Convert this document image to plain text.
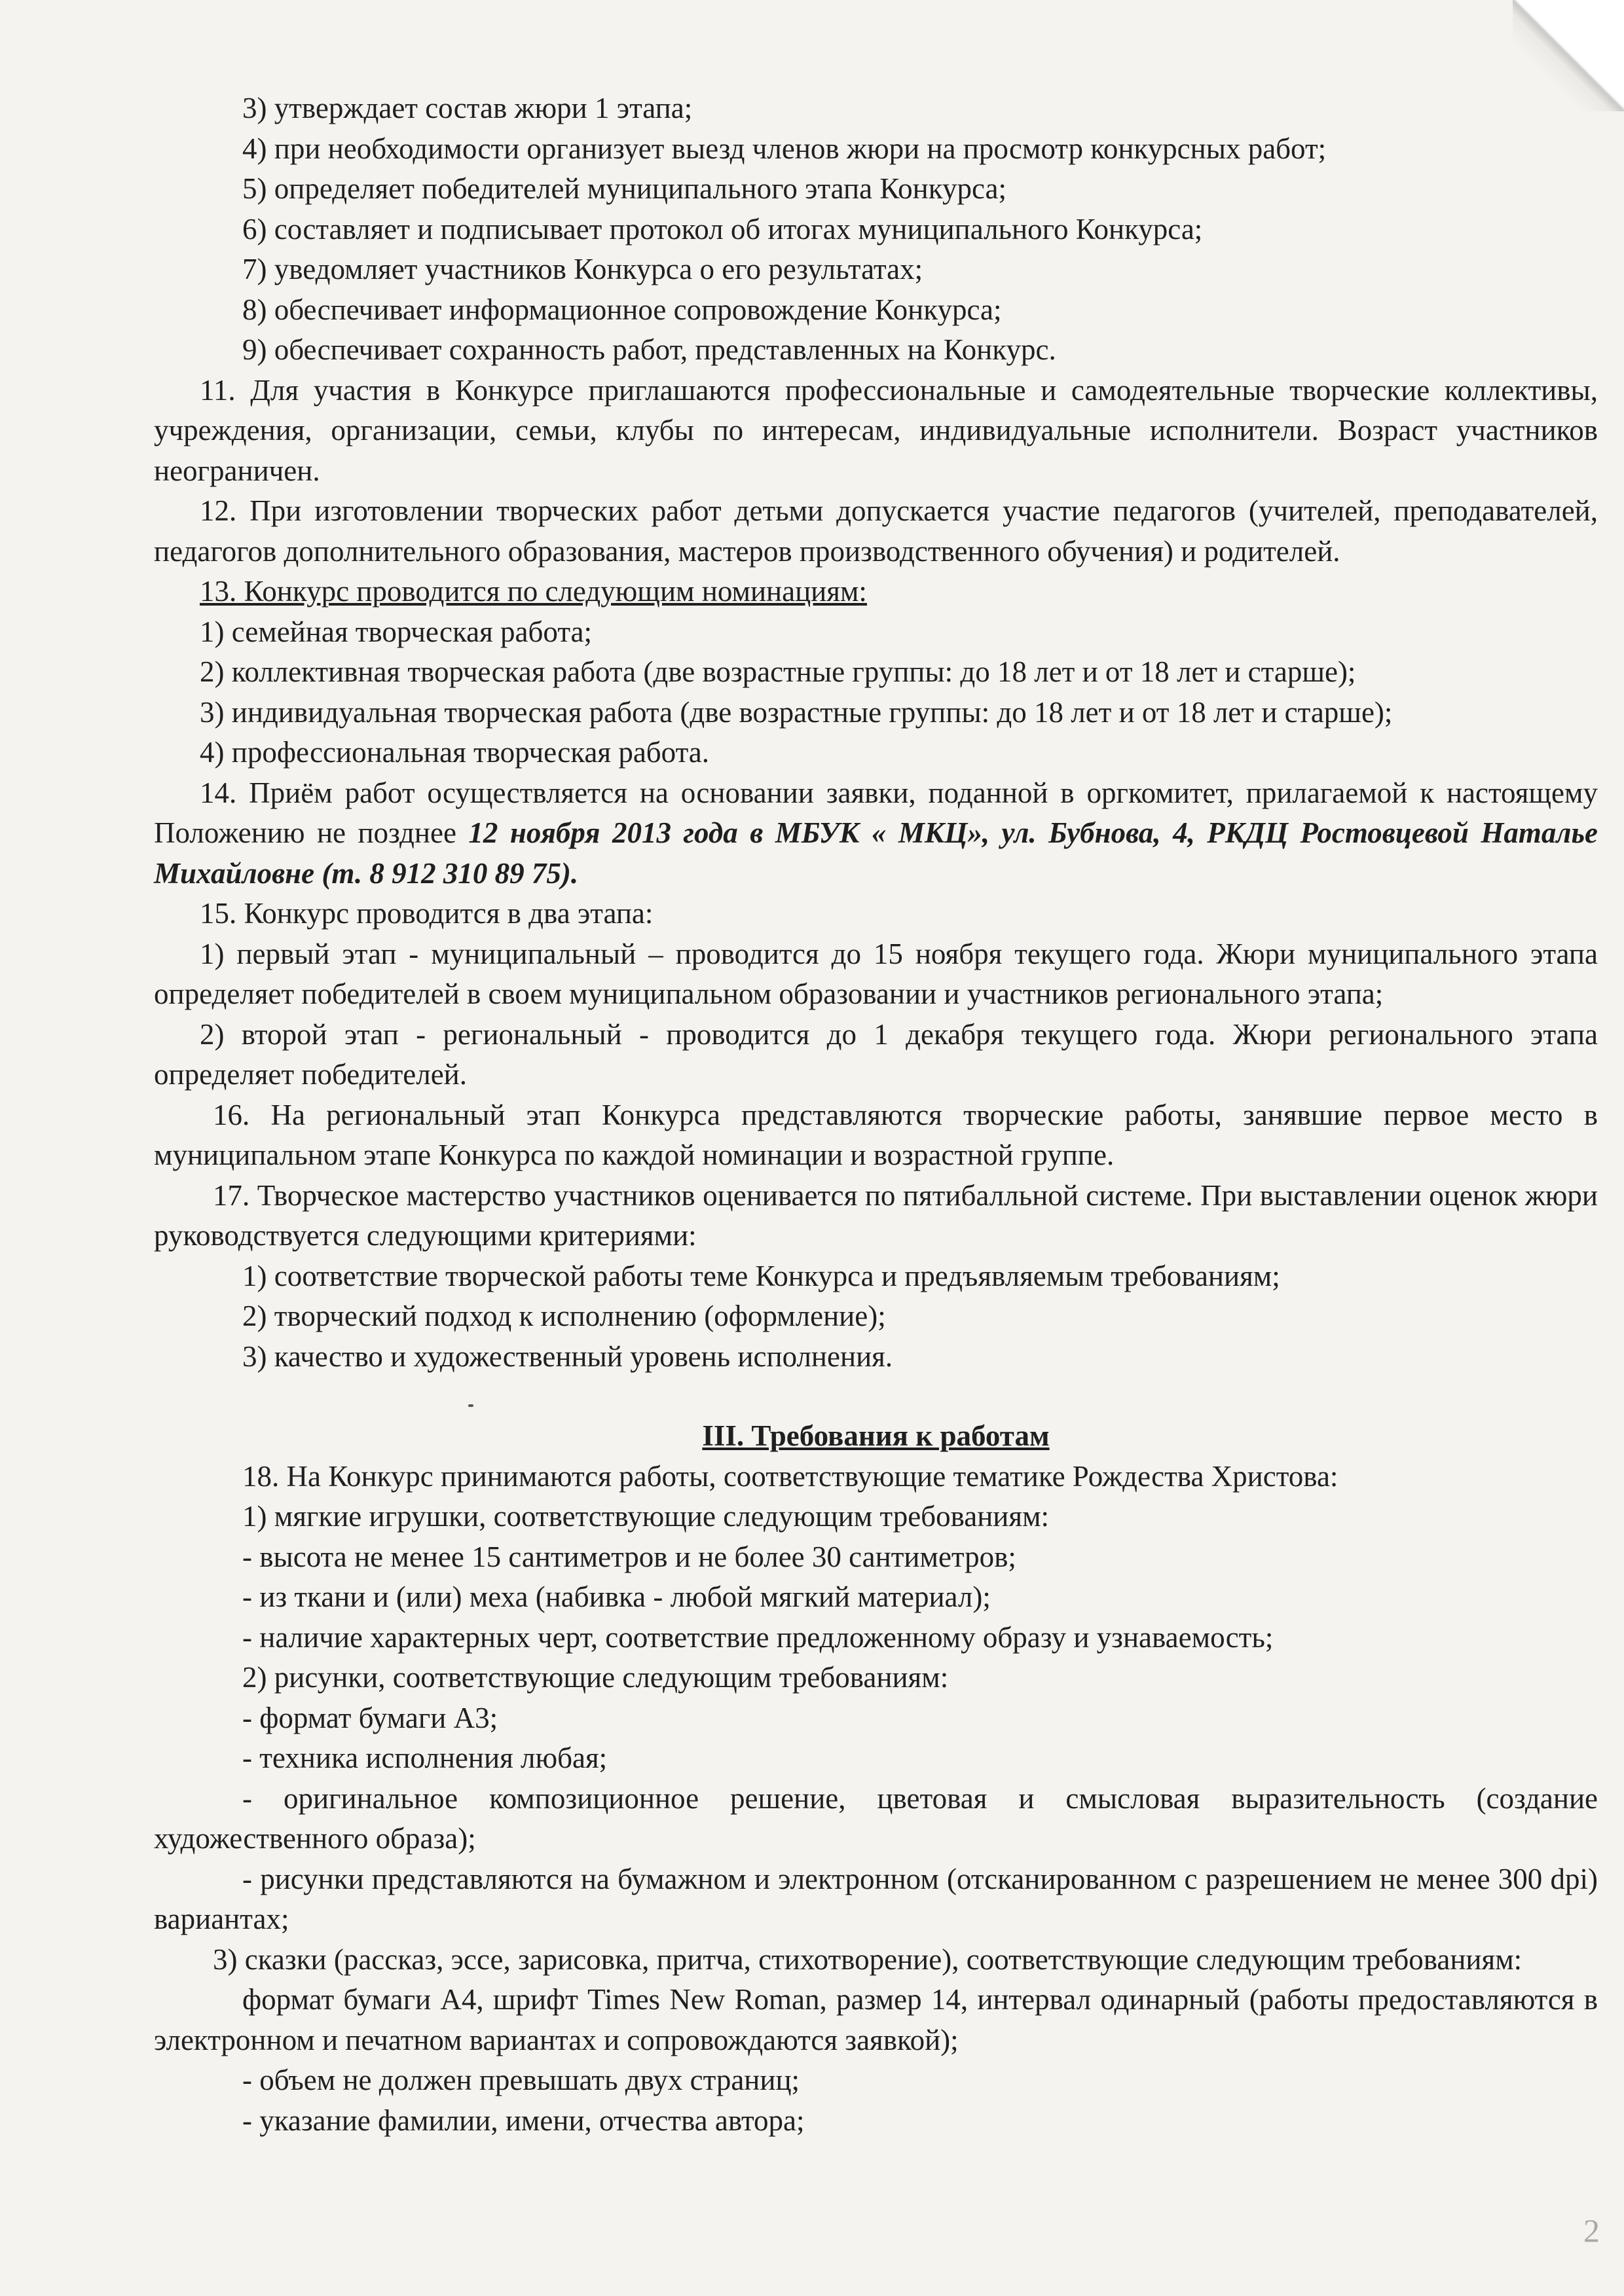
3) утверждает состав жюри 1 этапа;

4) при необходимости организует выезд членов жюри на просмотр конкурсных работ;

5) определяет победителей муниципального этапа Конкурса;

6) составляет и подписывает протокол об итогах муниципального Конкурса;

7) уведомляет участников Конкурса о его результатах;

8) обеспечивает информационное сопровождение Конкурса;

9) обеспечивает сохранность работ, представленных на Конкурс.

11. Для участия в Конкурсе приглашаются профессиональные и самодеятельные творческие коллективы, учреждения, организации, семьи, клубы по интересам, индивидуальные исполнители. Возраст участников неограничен.

12. При изготовлении творческих работ детьми допускается участие педагогов (учителей, преподавателей, педагогов дополнительного образования, мастеров производственного обучения) и родителей.

13. Конкурс проводится по следующим номинациям:

1) семейная творческая работа;

2) коллективная творческая работа (две возрастные группы: до 18 лет и от 18 лет и старше);

3) индивидуальная творческая работа (две возрастные группы: до 18 лет и от 18 лет и старше);

4) профессиональная творческая работа.

14. Приём работ осуществляется на основании заявки, поданной в оргкомитет, прилагаемой к настоящему Положению не позднее 12 ноября 2013 года в МБУК « МКЦ», ул. Бубнова, 4, РКДЦ Ростовцевой Наталье Михайловне (т. 8 912 310 89 75).

15. Конкурс проводится в два этапа:

1) первый этап - муниципальный – проводится до 15 ноября текущего года. Жюри муниципального этапа определяет победителей в своем муниципальном образовании и участников регионального этапа;

2) второй этап - региональный - проводится до 1 декабря текущего года. Жюри регионального этапа определяет победителей.

16. На региональный этап Конкурса представляются творческие работы, занявшие первое место в муниципальном этапе Конкурса по каждой номинации и возрастной группе.

17. Творческое мастерство участников оценивается по пятибалльной системе. При выставлении оценок жюри руководствуется следующими критериями:

1) соответствие творческой работы теме Конкурса и предъявляемым требованиям;

2) творческий подход к исполнению (оформление);

3) качество и художественный уровень исполнения.

III. Требования к работам

18. На Конкурс принимаются работы, соответствующие тематике Рождества Христова:

1) мягкие игрушки, соответствующие следующим требованиям:

- высота не менее 15 сантиметров и не более 30 сантиметров;

- из ткани и (или) меха (набивка - любой мягкий материал);

- наличие характерных черт, соответствие предложенному образу и узнаваемость;

2) рисунки, соответствующие следующим требованиям:

- формат бумаги А3;

- техника исполнения любая;

- оригинальное композиционное решение, цветовая и смысловая выразительность (создание художественного образа);

- рисунки представляются на бумажном и электронном (отсканированном с разрешением не менее 300 dpi) вариантах;

3) сказки (рассказ, эссе, зарисовка, притча, стихотворение), соответствующие следующим требованиям:

формат бумаги А4, шрифт Times New Roman, размер 14, интервал одинарный (работы предоставляются в электронном и печатном вариантах и сопровождаются заявкой);

- объем не должен превышать двух страниц;

- указание фамилии, имени, отчества автора;

2
